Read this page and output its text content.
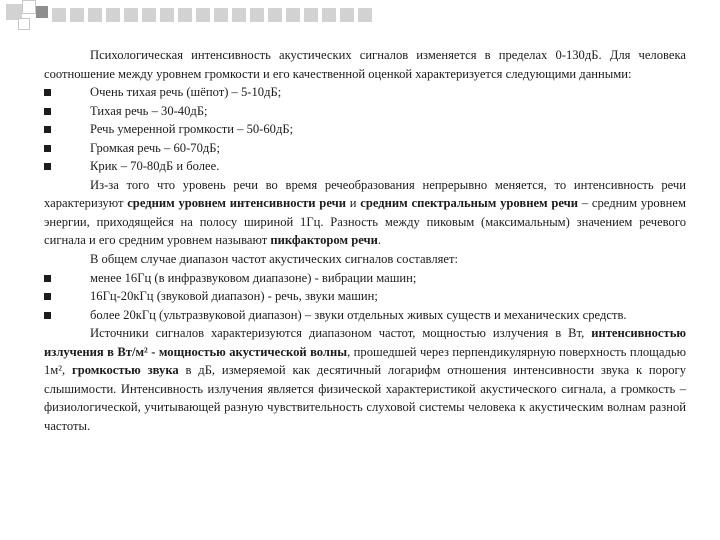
Психологическая интенсивность акустических сигналов изменяется в пределах 0-130дБ. Для человека соотношение между уровнем громкости и его качественной оценкой характеризуется следующими данными:

Очень тихая речь (шёпот) – 5-10дБ;
Тихая речь – 30-40дБ;
Речь умеренной громкости – 50-60дБ;
Громкая речь – 60-70дБ;
Крик – 70-80дБ и более.

Из-за того что уровень речи во время речеобразования непрерывно меняется, то интенсивность речи характеризуют средним уровнем интенсивности речи и средним спектральным уровнем речи – средним уровнем энергии, приходящейся на полосу шириной 1Гц. Разность между пиковым (максимальным) значением речевого сигнала и его средним уровнем называют пикфактором речи.

В общем случае диапазон частот акустических сигналов составляет:

менее 16Гц (в инфразвуковом диапазоне) - вибрации машин;
16Гц-20кГц (звуковой диапазон) - речь, звуки машин;
более 20кГц (ультразвуковой диапазон) – звуки отдельных живых существ и механических средств.

Источники сигналов характеризуются диапазоном частот, мощностью излучения в Вт, интенсивностью излучения в Вт/м² - мощностью акустической волны, прошедшей через перпендикулярную поверхность площадью 1м², громкостью звука в дБ, измеряемой как десятичный логарифм отношения интенсивности звука к порогу слышимости. Интенсивность излучения является физической характеристикой акустического сигнала, а громкость – физиологической, учитывающей разную чувствительность слуховой системы человека к акустическим волнам разной частоты.
